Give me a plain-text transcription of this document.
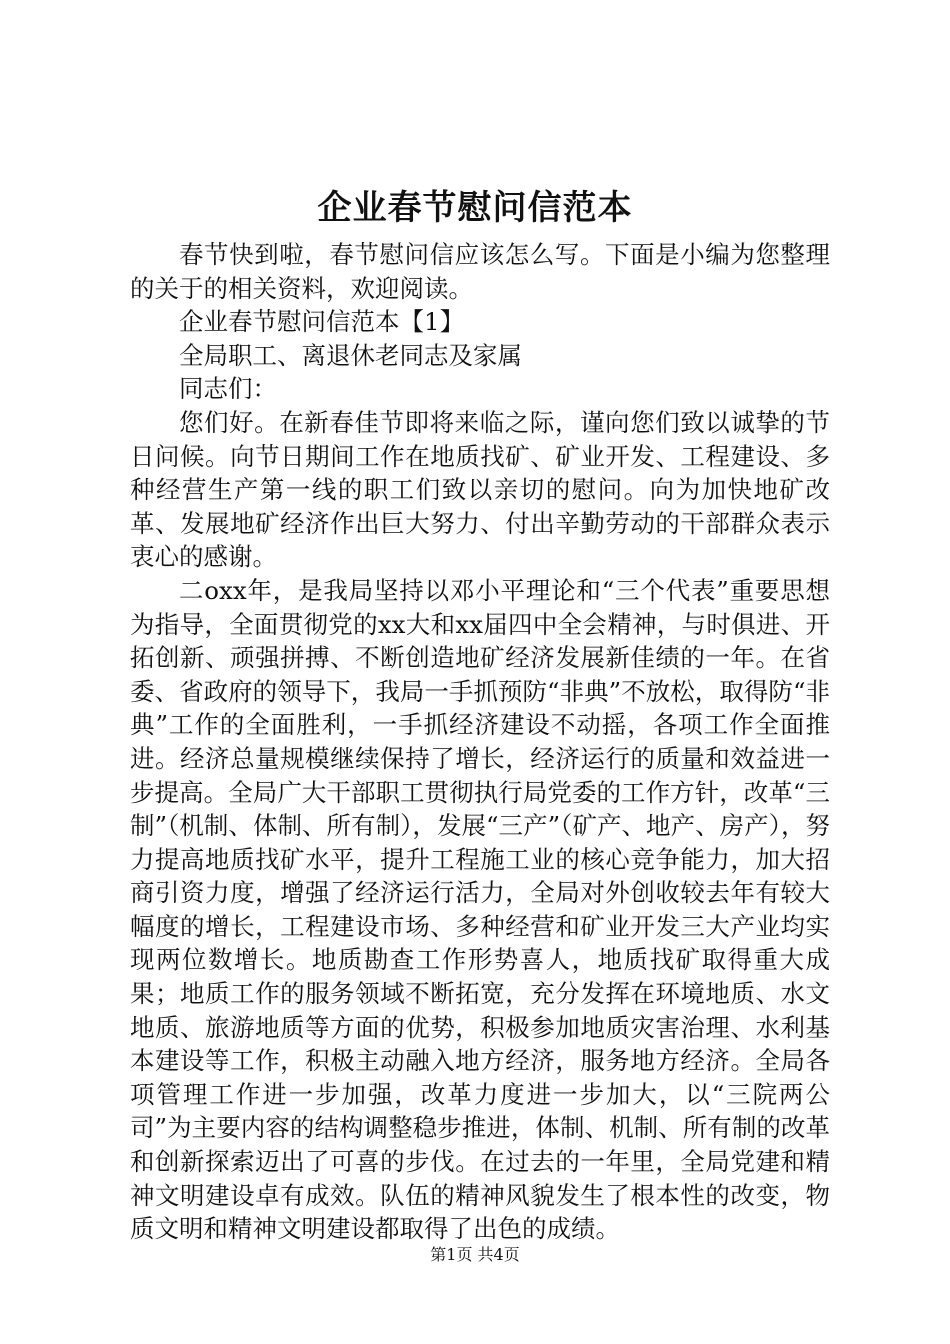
企业春节慰问信范本

春节快到啦，春节慰问信应该怎么写。下面是小编为您整理的关于的相关资料，欢迎阅读。

企业春节慰问信范本【1】

全局职工、离退休老同志及家属

同志们：

您们好。在新春佳节即将来临之际，谨向您们致以诚挚的节日问候。向节日期间工作在地质找矿、矿业开发、工程建设、多种经营生产第一线的职工们致以亲切的慰问。向为加快地矿改革、发展地矿经济作出巨大努力、付出辛勤劳动的干部群众表示衷心的感谢。

二oxx年，是我局坚持以邓小平理论和“三个代表”重要思想为指导，全面贯彻党的xx大和xx届四中全会精神，与时俱进、开拓创新、顽强拼搏、不断创造地矿经济发展新佳绩的一年。在省委、省政府的领导下，我局一手抓预防“非典”不放松，取得防“非典”工作的全面胜利，一手抓经济建设不动摇，各项工作全面推进。经济总量规模继续保持了增长，经济运行的质量和效益进一步提高。全局广大干部职工贯彻执行局党委的工作方针，改革“三制”（机制、体制、所有制），发展“三产”（矿产、地产、房产），努力提高地质找矿水平，提升工程施工业的核心竞争能力，加大招商引资力度，增强了经济运行活力，全局对外创收较去年有较大幅度的增长，工程建设市场、多种经营和矿业开发三大产业均实现两位数增长。地质勘查工作形势喜人，地质找矿取得重大成果；地质工作的服务领域不断拓宽，充分发挥在环境地质、水文地质、旅游地质等方面的优势，积极参加地质灾害治理、水利基本建设等工作，积极主动融入地方经济，服务地方经济。全局各项管理工作进一步加强，改革力度进一步加大，以“三院两公司”为主要内容的结构调整稳步推进，体制、机制、所有制的改革和创新探索迈出了可喜的步伐。在过去的一年里，全局党建和精神文明建设卓有成效。队伍的精神风貌发生了根本性的改变，物质文明和精神文明建设都取得了出色的成绩。

第1页 共4页
